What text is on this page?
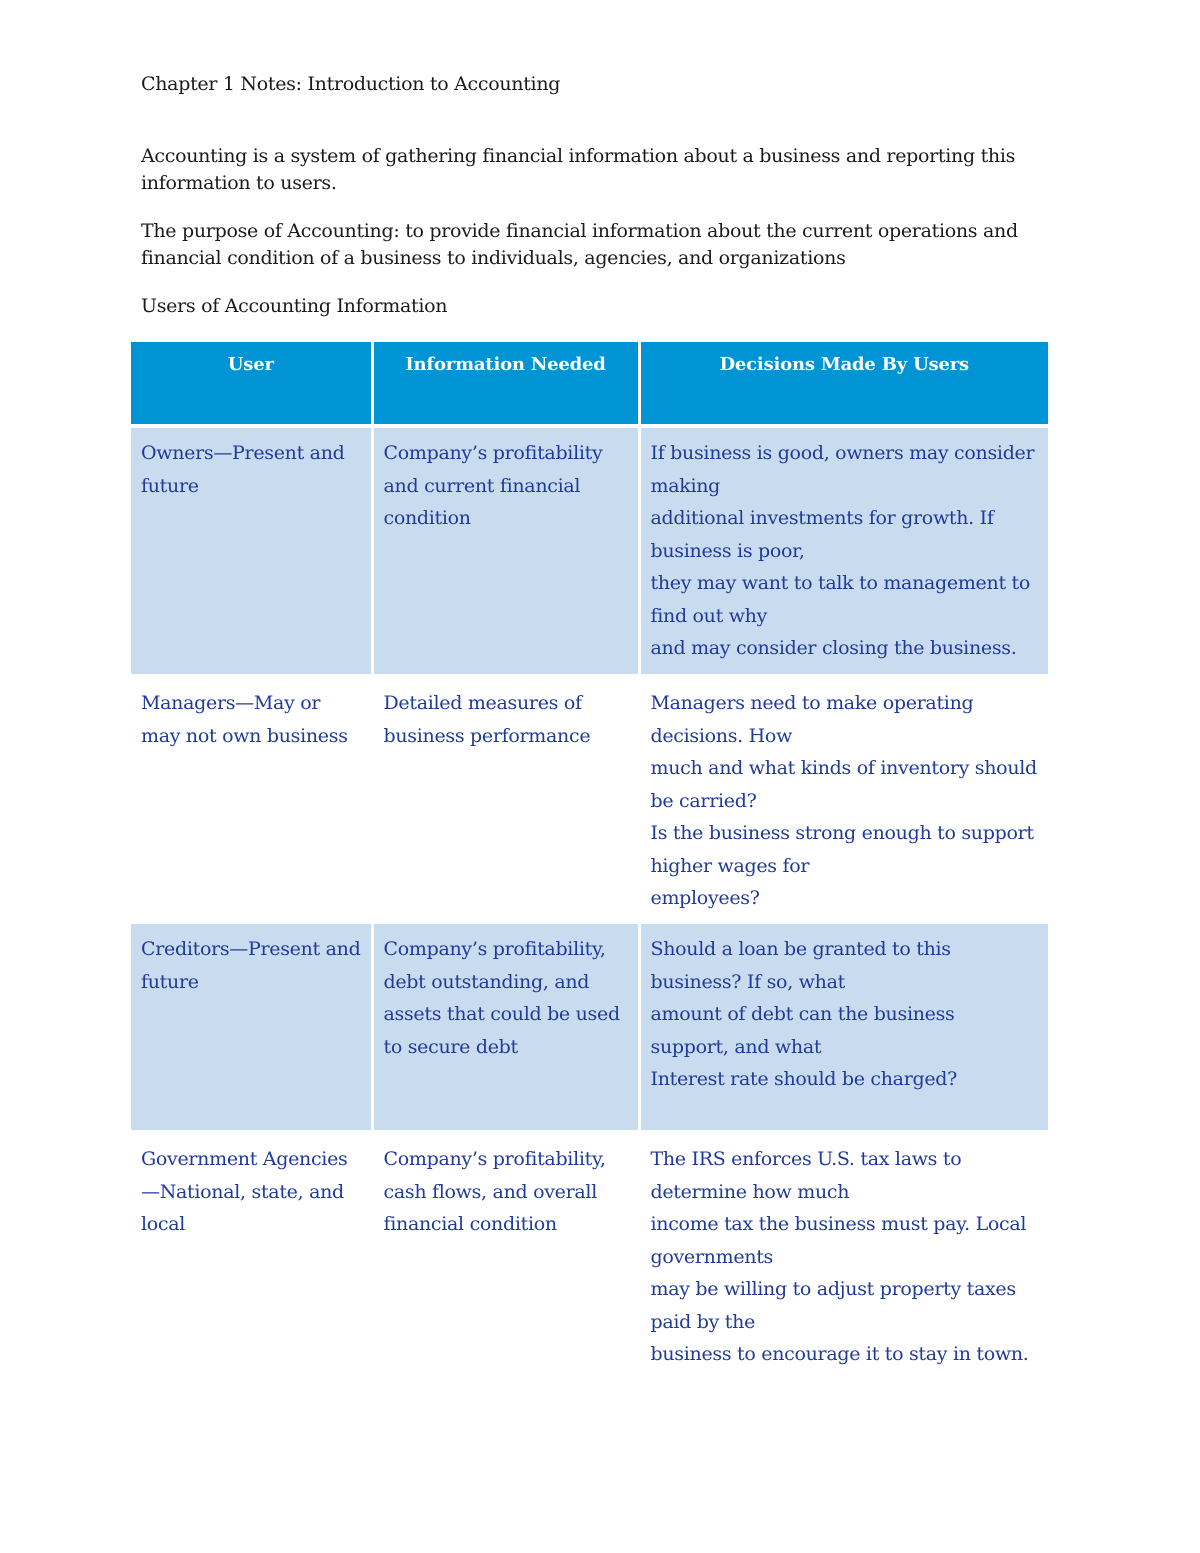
Chapter 1 Notes: Introduction to Accounting
Accounting is a system of gathering financial information about a business and reporting this information to users.
The purpose of Accounting: to provide financial information about the current operations and financial condition of a business to individuals, agencies, and organizations
Users of Accounting Information
User	Information Needed	Decisions Made By Users
Owners—Present and future	Company’s profitability and current financial condition	If business is good, owners may consider making
additional investments for growth. If business is poor,
they may want to talk to management to find out why
and may consider closing the business.

Managers—May or may not own business	Detailed measures of business performance	Managers need to make operating decisions. How
much and what kinds of inventory should be carried?
Is the business strong enough to support higher wages for
employees?

Creditors—Present and future	Company’s profitability, debt outstanding, and assets that could be used to secure debt	Should a loan be granted to this business? If so, what
amount of debt can the business support, and what
Interest rate should be charged?

Government Agencies —National, state, and local	Company’s profitability, cash flows, and overall financial condition	The IRS enforces U.S. tax laws to determine how much
income tax the business must pay. Local governments
may be willing to adjust property taxes paid by the
business to encourage it to stay in town.
